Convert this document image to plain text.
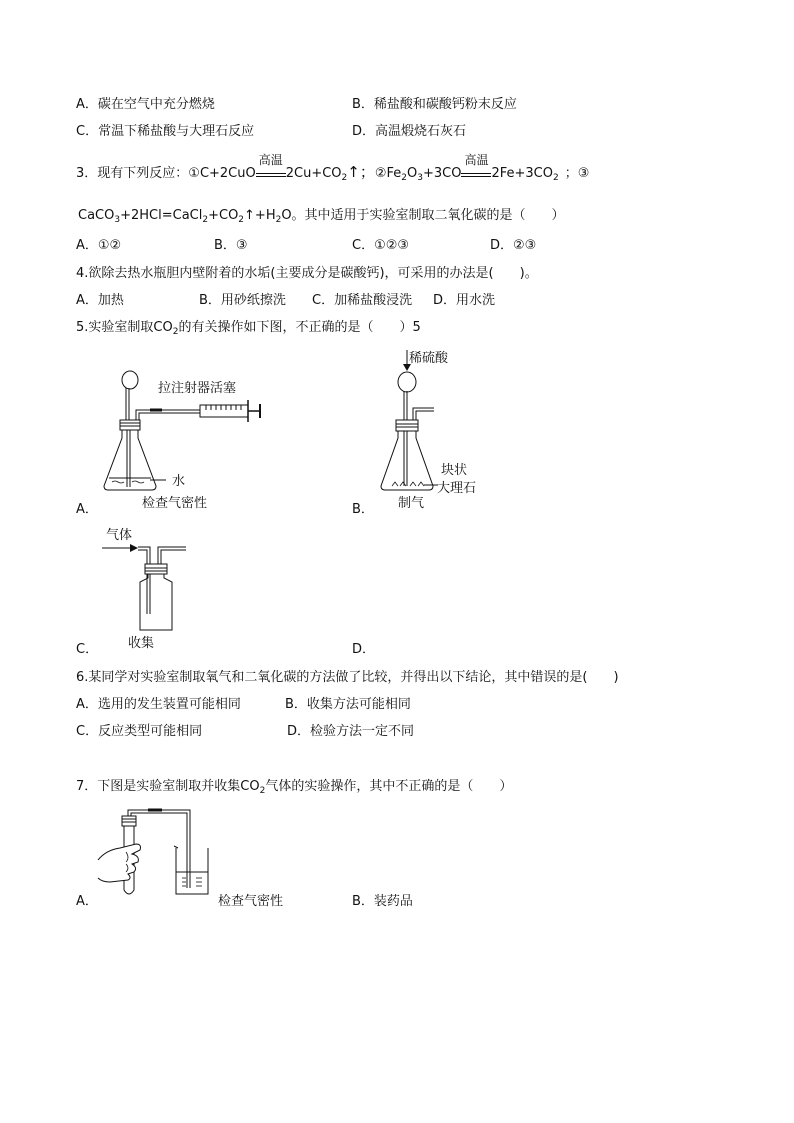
A．碳在空气中充分燃烧	B．稀盐酸和碳酸钙粉末反应
C．常温下稀盐酸与大理石反应	D．高温煅烧石灰石
3．现有下列反应：①C+2CuO
高温
$2Cu+CO_2↑$；$②Fe_2O_3+3CO$
高温
$2Fe+3CO_2$ ；③
$CaCO_3+2HCl=CaCl_2+CO_2↑+H_2O$。其中适用于实验室制取二氧化碳的是（　　）
A．①②	B．③	C．①②③	D．②③
4.欲除去热水瓶胆内壁附着的水垢(主要成分是碳酸钙)，可采用的办法是(　　)。
A．加热	B．用砂纸擦洗 C．加稀盐酸浸洗 D．用水洗
5.实验室制取$CO_2$的有关操作如下图，不正确的是（　　）5
拉注射器活塞
水
检查气密性
A．
稀硫酸
块状
大理石
制气
B．
气体
收集
C．	D．
6.某同学对实验室制取氧气和二氧化碳的方法做了比较，并得出以下结论，其中错误的是(　　)
A．选用的发生装置可能相同	B．收集方法可能相同
C．反应类型可能相同	D．检验方法一定不同
7．下图是实验室制取并收集$CO_2$气体的实验操作，其中不正确的是（　　）
A．	检查气密性	B．装药品
